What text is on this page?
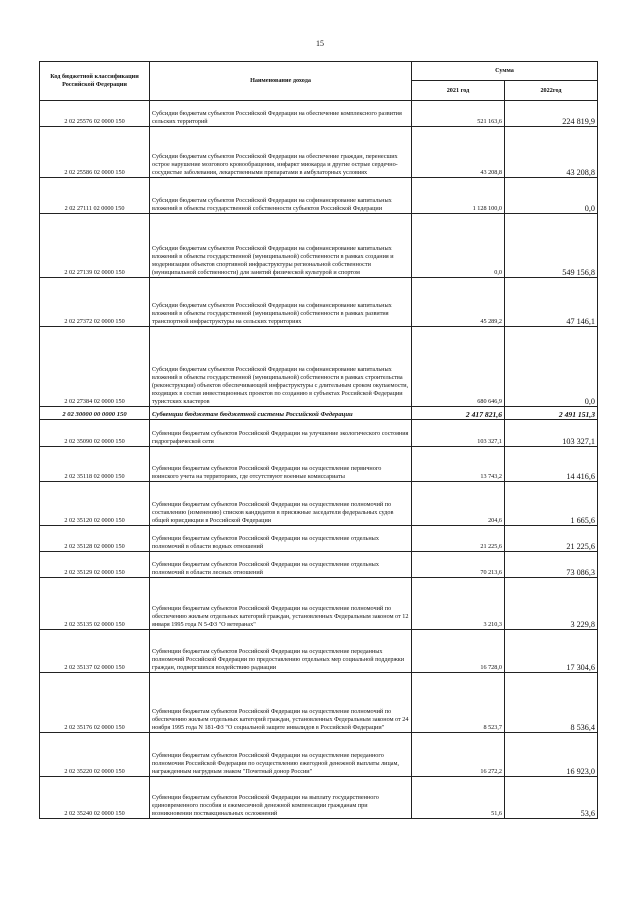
15
Код бюджетной классификации Российской Федерации	Наименование дохода	Сумма	
		2021 год	2022год
2 02 25576 02 0000 150	Субсидии бюджетам субъектов Российской Федерации на обеспечение комплексного развития сельских территорий	521 163,6	224 819,9
2 02 25586 02 0000 150	Субсидии бюджетам субъектов Российской Федерации на обеспечение граждан, перенесших острое нарушение мозгового кровообращения, инфаркт миокарда и другие острые сердечно-сосудистые заболевания, лекарственными препаратами в амбулаторных условиях	43 208,8	43 208,8
2 02 27111 02 0000 150	Субсидии бюджетам субъектов Российской Федерации на софинансирование капитальных вложений в объекты государственной собственности субъектов Российской Федерации	1 128 100,0	0,0
2 02 27139 02 0000 150	Субсидии бюджетам субъектов Российской Федерации на софинансирование капитальных вложений в объекты государственной (муниципальной) собственности в рамках создания и модернизации объектов спортивной инфраструктуры региональной собственности (муниципальной собственности) для занятий физической культурой и спортом	0,0	549 156,8
2 02 27372 02 0000 150	Субсидии бюджетам субъектов Российской Федерации на софинансирование капитальных вложений в объекты государственной (муниципальной) собственности в рамках развития транспортной инфраструктуры на сельских территориях	45 289,2	47 146,1
2 02 27384 02 0000 150	Субсидии бюджетам субъектов Российской Федерации на софинансирование капитальных вложений в объекты государственной (муниципальной) собственности в рамках строительства (реконструкции) объектов обеспечивающей инфраструктуры с длительным сроком окупаемости, входящих в состав инвестиционных проектов по созданию в субъектах Российской Федерации туристских кластеров	680 646,9	0,0
2 02 30000 00 0000 150	Субвенции бюджетам бюджетной системы Российской Федерации	2 417 821,6	2 491 151,3
2 02 35090 02 0000 150	Субвенции бюджетам субъектов Российской Федерации на улучшение экологического состояния гидрографической сети	103 327,1	103 327,1
2 02 35118 02 0000 150	Субвенции бюджетам субъектов Российской Федерации на осуществление первичного воинского учета на территориях, где отсутствуют военные комиссариаты	13 743,2	14 416,6
2 02 35120 02 0000 150	Субвенции бюджетам субъектов Российской Федерации на осуществление полномочий по составлению (изменению) списков кандидатов в присяжные заседатели федеральных судов общей юрисдикции в Российской Федерации	204,6	1 665,6
2 02 35128 02 0000 150	Субвенции бюджетам субъектов Российской Федерации на осуществление отдельных полномочий в области водных отношений	21 225,6	21 225,6
2 02 35129 02 0000 150	Субвенции бюджетам субъектов Российской Федерации на осуществление отдельных полномочий в области лесных отношений	70 213,6	73 086,3
2 02 35135 02 0000 150	Субвенции бюджетам субъектов Российской Федерации на осуществление полномочий по обеспечению жильем отдельных категорий граждан, установленных Федеральным законом от 12 января 1995 года N 5-ФЗ "О ветеранах"	3 210,3	3 229,8
2 02 35137 02 0000 150	Субвенции бюджетам субъектов Российской Федерации на осуществление переданных полномочий Российской Федерации по предоставлению отдельных мер социальной поддержки граждан, подвергшихся воздействию радиации	16 728,0	17 304,6
2 02 35176 02 0000 150	Субвенции бюджетам субъектов Российской Федерации на осуществление полномочий по обеспечению жильем отдельных категорий граждан, установленных Федеральным законом от 24 ноября 1995 года N 181-ФЗ "О социальной защите инвалидов в Российской Федерации"	8 523,7	8 536,4
2 02 35220 02 0000 150	Субвенции бюджетам субъектов Российской Федерации на осуществление переданного полномочия Российской Федерации по осуществлению ежегодной денежной выплаты лицам, награжденным нагрудным знаком "Почетный донор России"	16 272,2	16 923,0
2 02 35240 02 0000 150	Субвенции бюджетам субъектов Российской Федерации на выплату государственного единовременного пособия и ежемесячной денежной компенсации гражданам при возникновении поствакцинальных осложнений	51,6	53,6
